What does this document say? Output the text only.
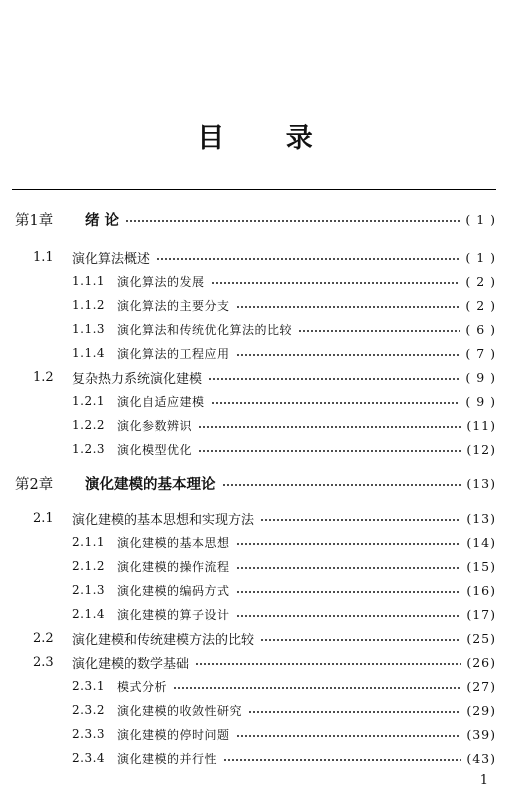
目 录
第1章	绪 论	( 1 )
1.1	演化算法概述	( 1 )
1.1.1 演化算法的发展	( 2 )
1.1.2 演化算法的主要分支	( 2 )
1.1.3 演化算法和传统优化算法的比较	( 6 )
1.1.4 演化算法的工程应用	( 7 )
1.2	复杂热力系统演化建模	( 9 )
1.2.1 演化自适应建模	( 9 )
1.2.2 演化参数辨识	(11)
1.2.3 演化模型优化	(12)
第2章	演化建模的基本理论	(13)
2.1	演化建模的基本思想和实现方法	(13)
2.1.1 演化建模的基本思想	(14)
2.1.2 演化建模的操作流程	(15)
2.1.3 演化建模的编码方式	(16)
2.1.4 演化建模的算子设计	(17)
2.2	演化建模和传统建模方法的比较	(25)
2.3	演化建模的数学基础	(26)
2.3.1 模式分析	(27)
2.3.2 演化建模的收敛性研究	(29)
2.3.3 演化建模的停时问题	(39)
2.3.4 演化建模的并行性	(43)
1
